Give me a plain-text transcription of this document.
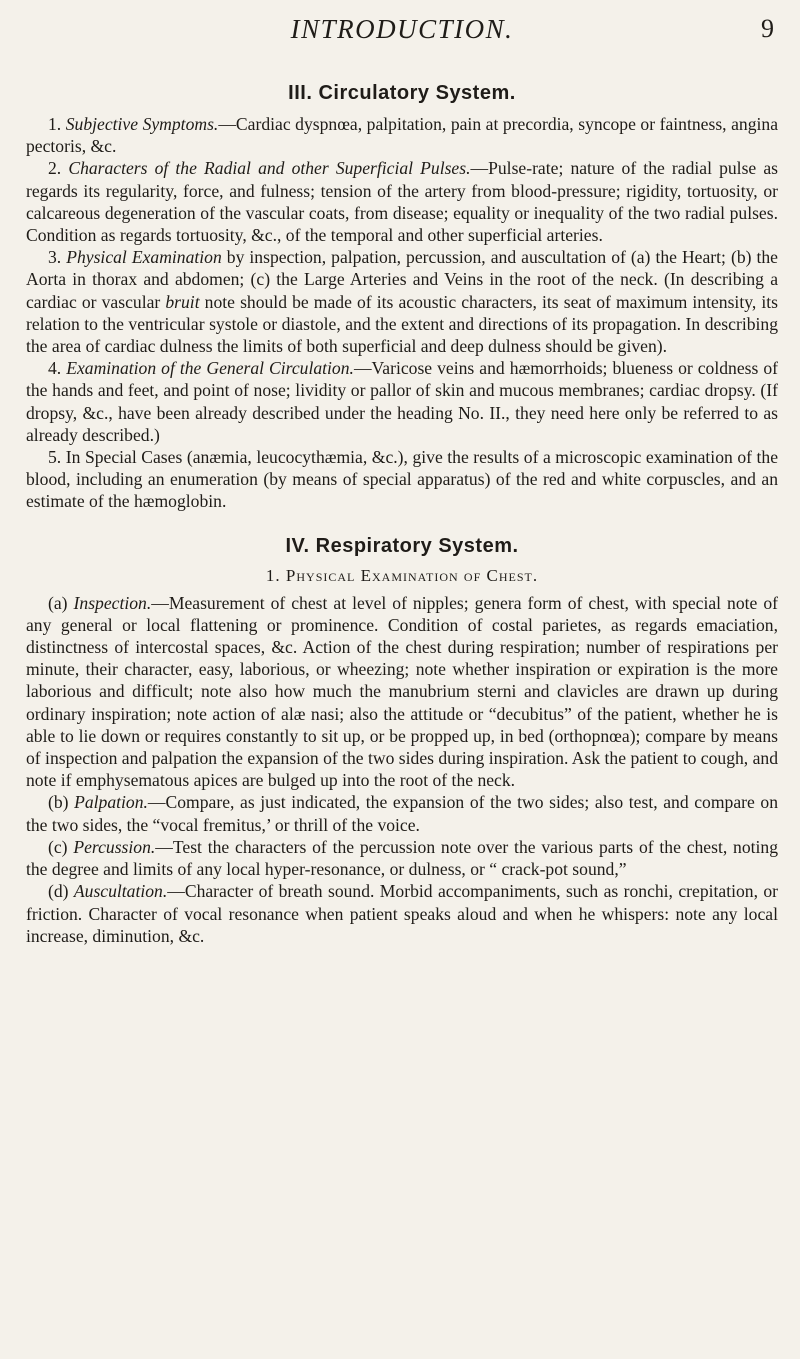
INTRODUCTION.	9
III. Circulatory System.

1. Subjective Symptoms.—Cardiac dyspnœa, palpitation, pain at precordia, syncope or faintness, angina pectoris, &c.

2. Characters of the Radial and other Superficial Pulses.—Pulse-rate; nature of the radial pulse as regards its regularity, force, and fulness; tension of the artery from blood-pressure; rigidity, tortuosity, or calcareous degeneration of the vascular coats, from disease; equality or inequality of the two radial pulses. Condition as regards tortuosity, &c., of the temporal and other superficial arteries.

3. Physical Examination by inspection, palpation, percussion, and auscultation of (a) the Heart; (b) the Aorta in thorax and abdomen; (c) the Large Arteries and Veins in the root of the neck. (In describing a cardiac or vascular bruit note should be made of its acoustic characters, its seat of maximum intensity, its relation to the ventricular systole or diastole, and the extent and directions of its propagation. In describing the area of cardiac dulness the limits of both superficial and deep dulness should be given).

4. Examination of the General Circulation.—Varicose veins and hæmorrhoids; blueness or coldness of the hands and feet, and point of nose; lividity or pallor of skin and mucous membranes; cardiac dropsy. (If dropsy, &c., have been already described under the heading No. II., they need here only be referred to as already described.)

5. In Special Cases (anæmia, leucocythæmia, &c.), give the results of a microscopic examination of the blood, including an enumeration (by means of special apparatus) of the red and white corpuscles, and an estimate of the hæmoglobin.

IV. Respiratory System.
1. Physical Examination of Chest.

(a) Inspection.—Measurement of chest at level of nipples; genera form of chest, with special note of any general or local flattening or prominence. Condition of costal parietes, as regards emaciation, distinctness of intercostal spaces, &c. Action of the chest during respiration; number of respirations per minute, their character, easy, laborious, or wheezing; note whether inspiration or expiration is the more laborious and difficult; note also how much the manubrium sterni and clavicles are drawn up during ordinary inspiration; note action of alæ nasi; also the attitude or “decubitus” of the patient, whether he is able to lie down or requires constantly to sit up, or be propped up, in bed (orthopnœa); compare by means of inspection and palpation the expansion of the two sides during inspiration. Ask the patient to cough, and note if emphysematous apices are bulged up into the root of the neck.

(b) Palpation.—Compare, as just indicated, the expansion of the two sides; also test, and compare on the two sides, the “vocal fremitus,’ or thrill of the voice.

(c) Percussion.—Test the characters of the percussion note over the various parts of the chest, noting the degree and limits of any local hyper-resonance, or dulness, or “ crack-pot sound,”

(d) Auscultation.—Character of breath sound. Morbid accompaniments, such as ronchi, crepitation, or friction. Character of vocal resonance when patient speaks aloud and when he whispers: note any local increase, diminution, &c.
